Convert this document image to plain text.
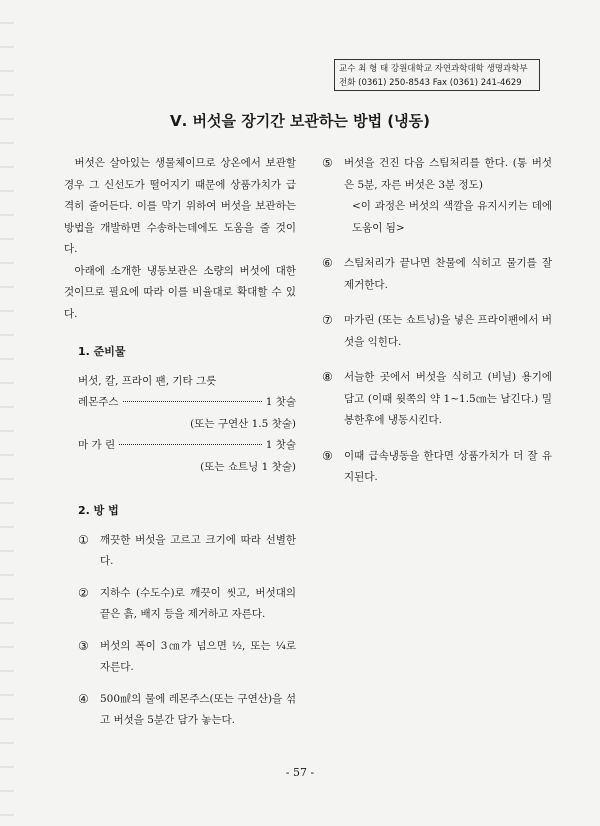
교수 최 형 태 강원대학교 자연과학대학 생명과학부
전화 (0361) 250-8543 Fax (0361) 241-4629
Ⅴ. 버섯을 장기간 보관하는 방법 (냉동)

버섯은 살아있는 생물체이므로 상온에서 보관할 경우 그 신선도가 떨어지기 때문에 상품가치가 급격히 줄어든다. 이를 막기 위하여 버섯을 보관하는 방법을 개발하면 수송하는데에도 도움을 줄 것이다.

아래에 소개한 냉동보관은 소량의 버섯에 대한 것이므로 필요에 따라 이를 비율대로 확대할 수 있다.

1. 준비물

버섯, 칼, 프라이 팬, 기타 그릇

레몬주스	1 찻술
(또는 구연산 1.5 찻술)
마 가 린	1 찻술
(또는 쇼트닝 1 찻술)
2. 방 법
①	깨끗한 버섯을 고르고 크기에 따라 선별한다.
②	지하수 (수도수)로 깨끗이 씻고, 버섯대의 끝은 흙, 배지 등을 제거하고 자른다.
③	버섯의 폭이 3㎝가 넘으면 ½, 또는 ¼로 자른다.
④	500㎖의 물에 레몬주스(또는 구연산)을 섞고 버섯을 5분간 담가 놓는다.
⑤	버섯을 건진 다음 스팀처리를 한다. (통 버섯은 5분, 자른 버섯은 3분 정도)
<이 과정은 버섯의 색깔을 유지시키는 데에 도움이 됨>
⑥	스팀처리가 끝나면 찬물에 식히고 물기를 잘 제거한다.
⑦	마가린 (또는 쇼트닝)을 넣은 프라이팬에서 버섯을 익힌다.
⑧	서늘한 곳에서 버섯을 식히고 (비닐) 용기에 담고 (이때 윗쪽의 약 1~1.5㎝는 남긴다.) 밀봉한후에 냉동시킨다.
⑨	이때 급속냉동을 한다면 상품가치가 더 잘 유지된다.
- 57 -
